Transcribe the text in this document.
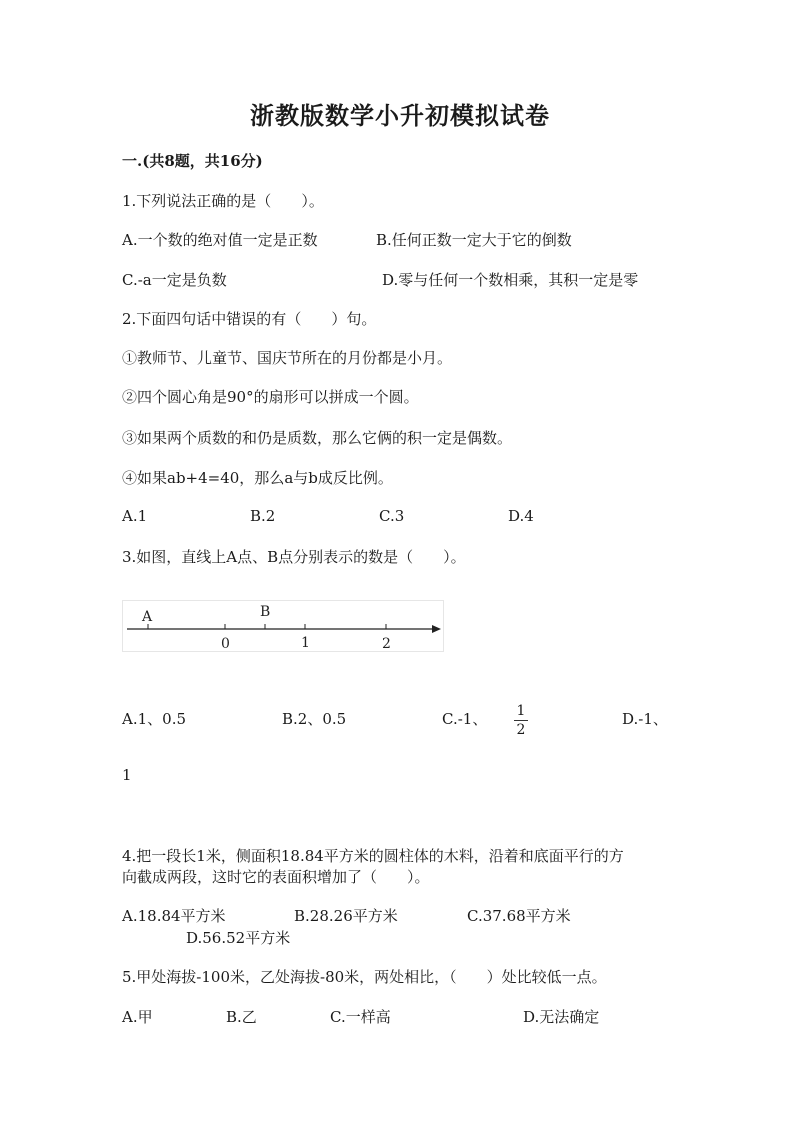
浙教版数学小升初模拟试卷
一.(共8题，共16分)
1.下列说法正确的是（　　）。
A.一个数的绝对值一定是正数	B.任何正数一定大于它的倒数
C.-a一定是负数	D.零与任何一个数相乘，其积一定是零
2.下面四句话中错误的有（　　）句。
①教师节、儿童节、国庆节所在的月份都是小月。
②四个圆心角是90°的扇形可以拼成一个圆。
③如果两个质数的和仍是质数，那么它俩的积一定是偶数。
④如果ab+4=40，那么a与b成反比例。
A.1	B.2	C.3	D.4
3.如图，直线上A点、B点分别表示的数是（　　）。
A	B
0	1	2
A.1、0.5	B.2、0.5	C.-1、 1
2
D.-1、
1
4.把一段长1米，侧面积18.84平方米的圆柱体的木料，沿着和底面平行的方
向截成两段，这时它的表面积增加了（　　）。
A.18.84平方米	B.28.26平方米	C.37.68平方米
D.56.52平方米
5.甲处海拔-100米，乙处海拔-80米，两处相比，（　　）处比较低一点。
A.甲	B.乙	C.一样高	D.无法确定
